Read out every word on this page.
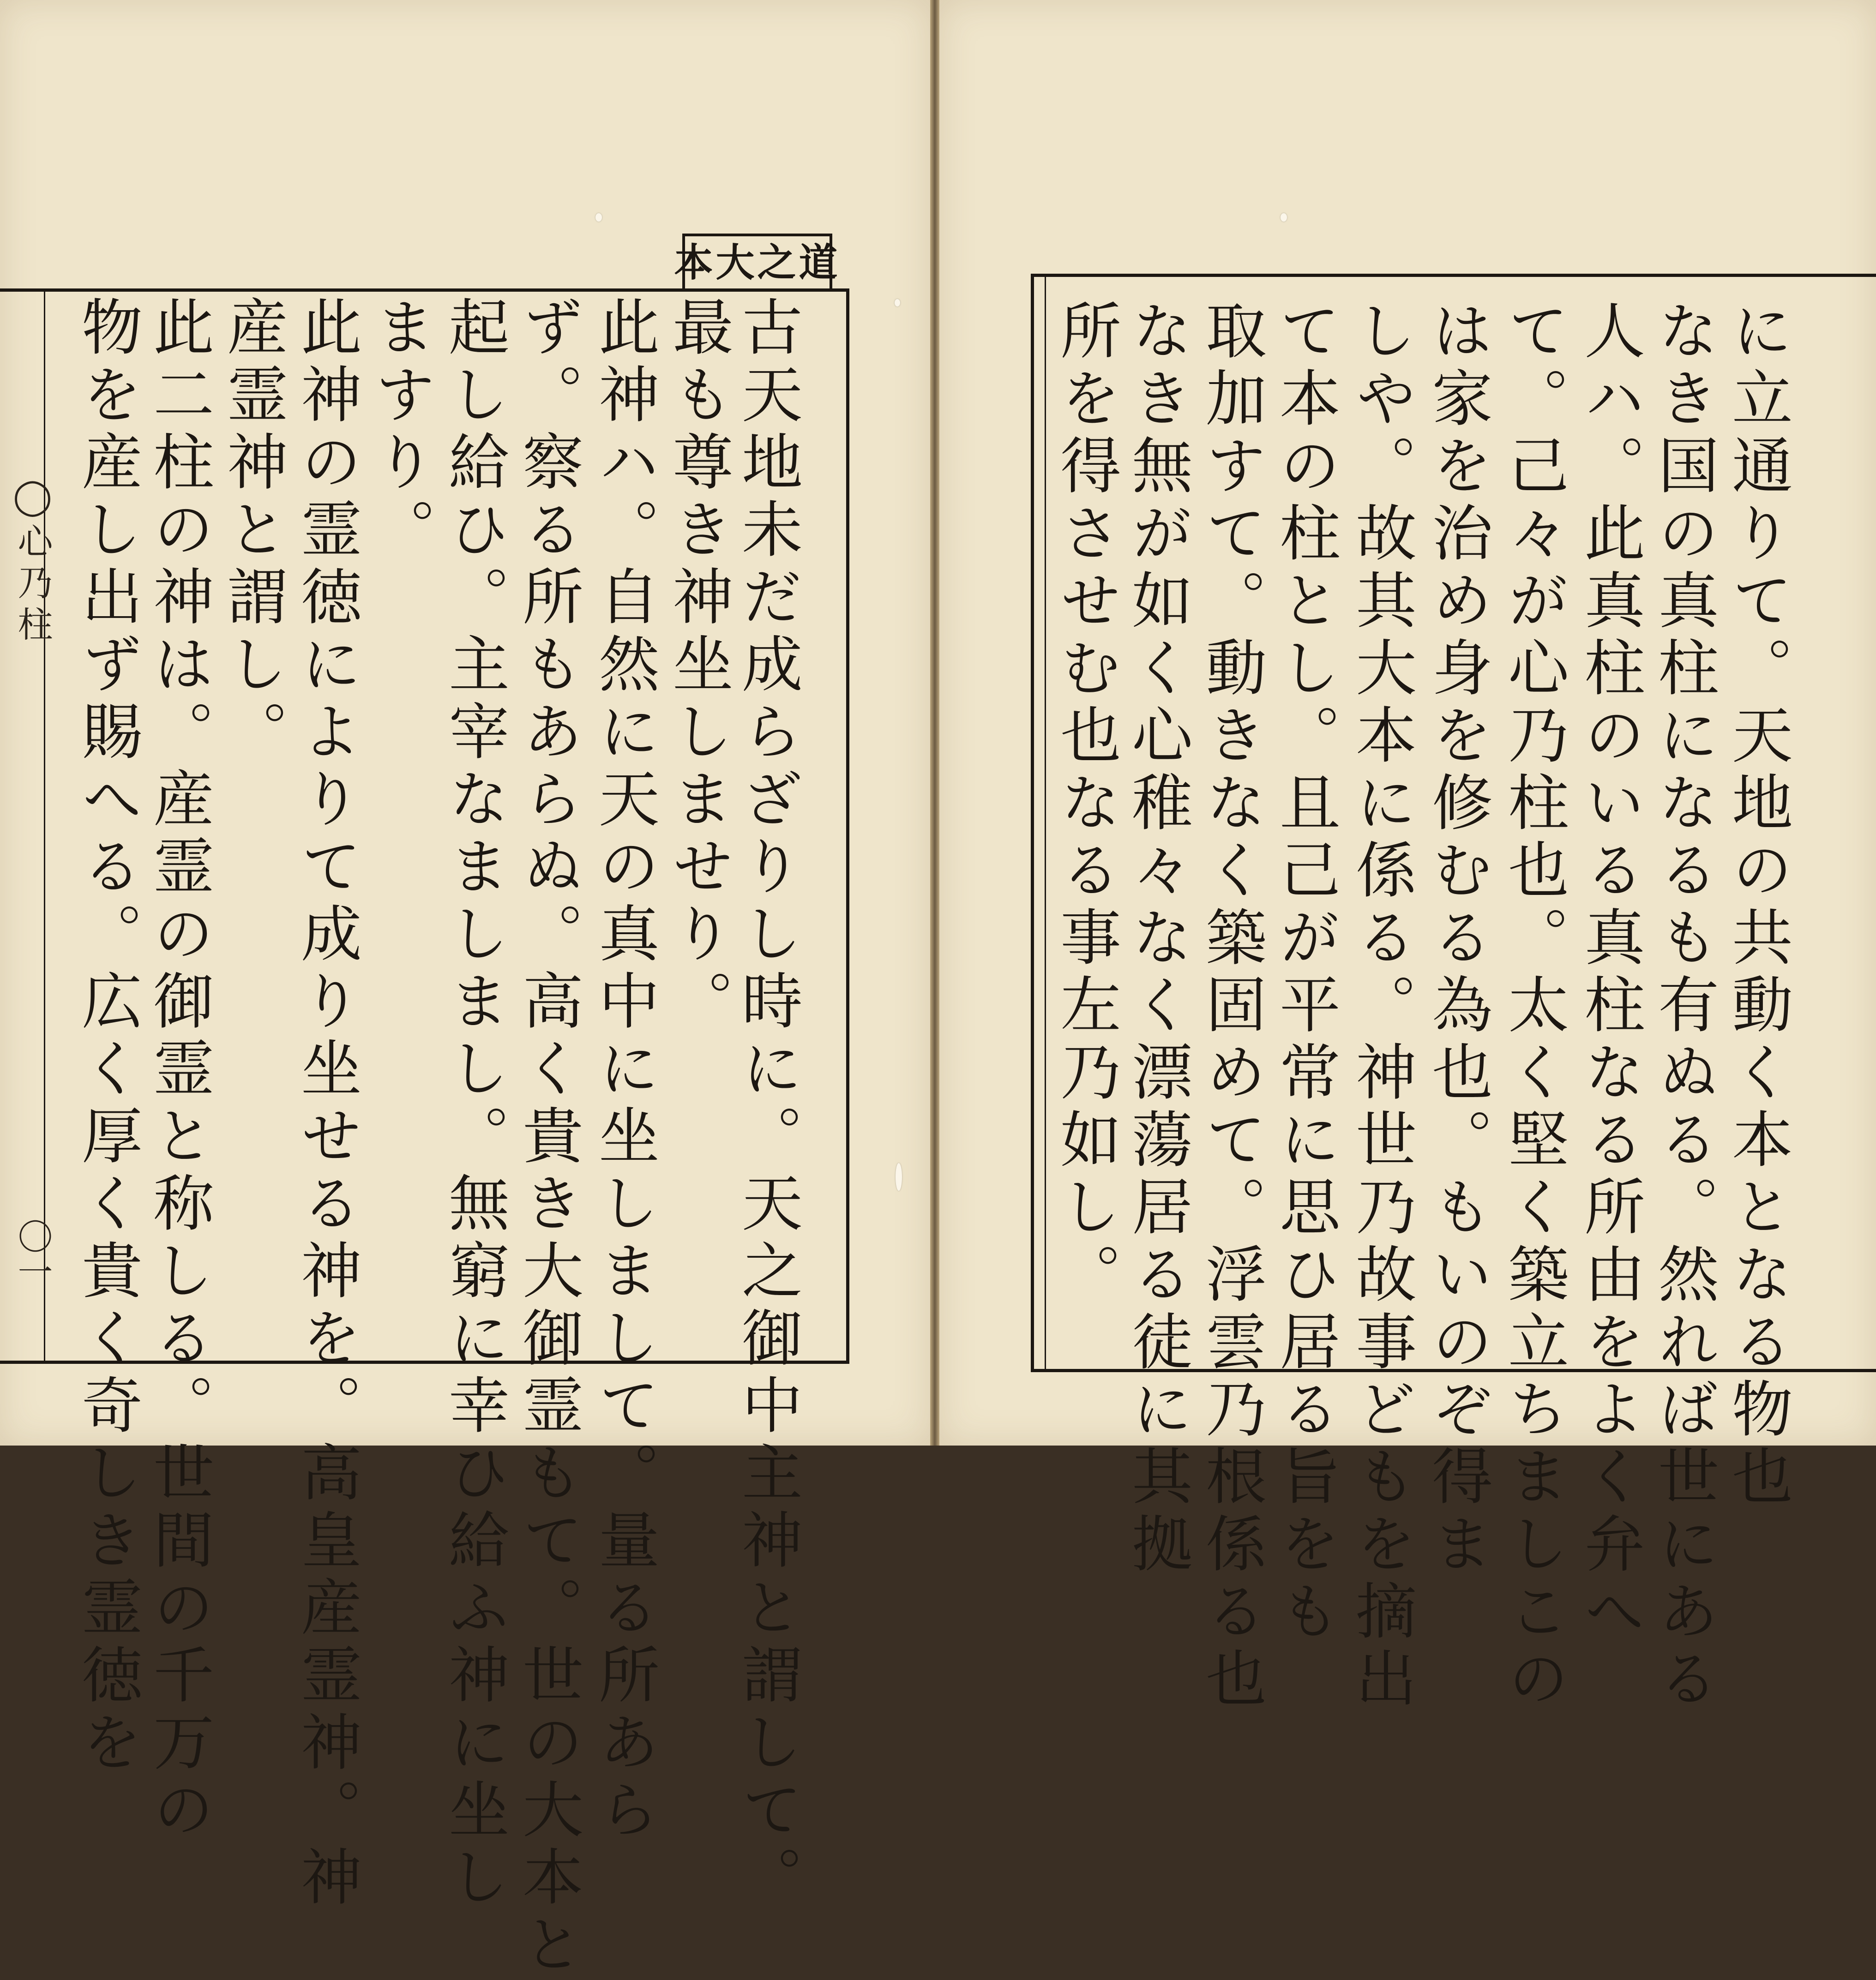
本大之道
◯心乃柱
〇一	古天地未だ成らざりし時に。天之御中主神と謂して。
最も尊き神坐しませり。
此神ハ。自然に天の真中に坐しまして。量る所あら
ず。察る所もあらぬ。高く貴き大御霊もて。世の大本と
起し給ひ。主宰なましまし。無窮に幸ひ給ふ神に坐し
ますり。
此神の霊徳によりて成り坐せる神を。高皇産霊神。神
産霊神と謂し。
此二柱の神は。産霊の御霊と称しる。世間の千万の
物を産し出ず賜へる。広く厚く貴く奇しき霊徳を	に立通りて。天地の共動く本となる物也
なき国の真柱になるも有ぬる。然れば世にある
人ハ。此真柱のいる真柱なる所由をよく弁へ
て。己々が心乃柱也。太く堅く築立ちましこの
は家を治め身を修むる為也。もいのぞ得ま
しや。故其大本に係る。神世乃故事どもを摘出
て本の柱とし。且己が平常に思ひ居る旨をも
取加すて。動きなく築固めて。浮雲乃根係る也
なき無が如く心稚々なく漂蕩居る徒に其拠
所を得させむ也なる事左乃如し。
